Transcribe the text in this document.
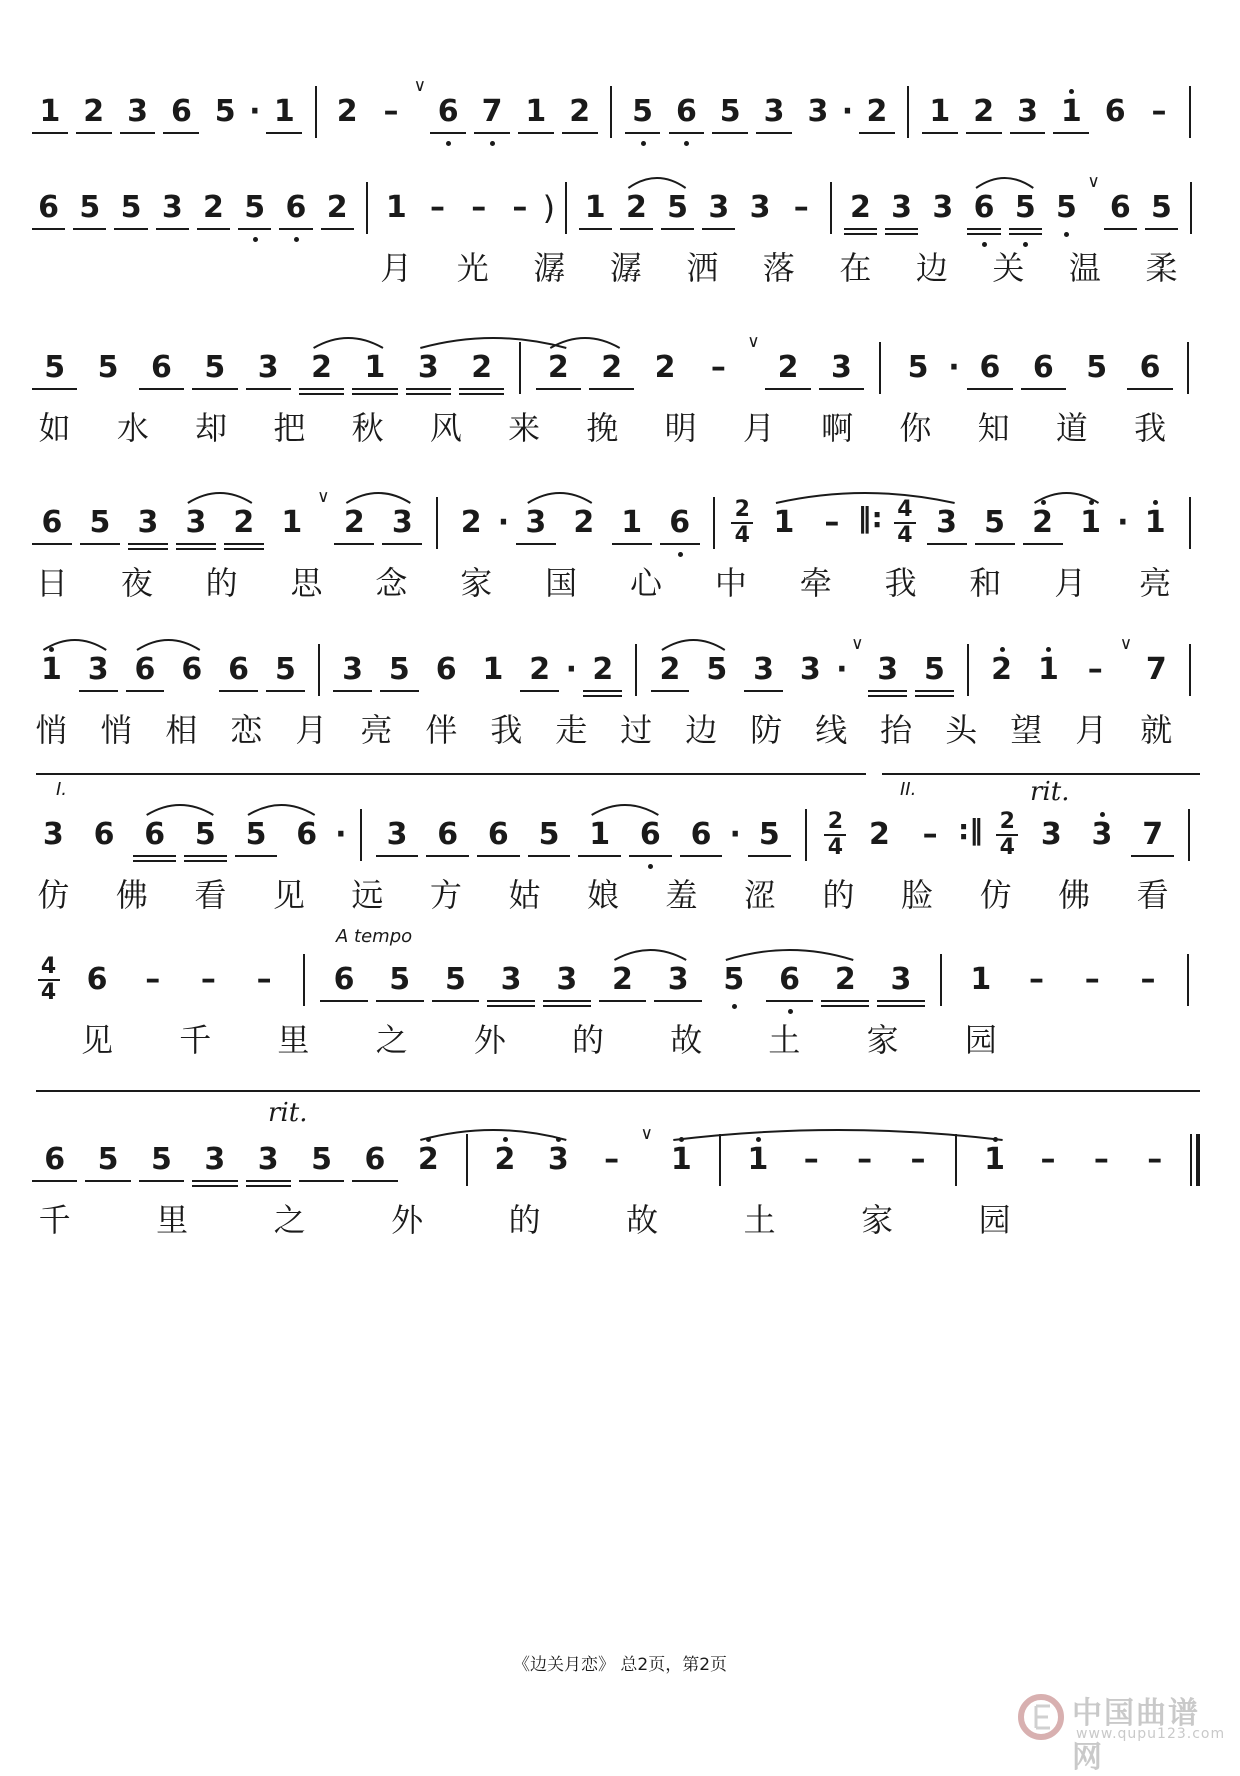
1 2 3 6 5 · 1 2 –
∨
6 7 1 2 5 6 5 3 3 · 2 1 2 3 1 6 –
6 5 5 3 2 5 6 2 1 – – – ) 1 2 5 3 3 – 2 3 3 6 5 5
∨
6 5
月 光 潺 潺 洒 落 在 边 关 温 柔
5 5 6 5 3 2 1 3 2 2 2 2 –
∨
2 3 5 · 6 6 5 6
如 水 却 把 秋 风 来 挽 明 月 啊 你 知 道 我
6 5 3 3 2 1
∨
2 3 2 · 3 2 1 6 2
4 1 – ‖: 4
4 3 5 2 1 · 1
日 夜 的 思 念 家 国 心 中 牵 我 和 月 亮
1 3 6 6 6 5 3 5 6 1 2 · 2 2 5 3 3 ·
∨
3 5 2 1 –
∨
7
悄 悄 相 恋 月 亮 伴 我 走 过 边 防 线 抬 头 望 月 就
3 6 6 5 5 6 ·	3 6 6 5 1 6 6 · 5 2
4 2 – :‖ 2
4 3 3 7
仿 佛 看 见 远 方 姑 娘 羞 涩 的 脸 仿 佛 看
I.	II.	rit.
4
4 6 – – – 6 5 5 3 3 2 3 5 6 2 3 1 – – –
见 千 里 之 外 的 故 土 家 园
A tempo
6 5 5 3 3 5 6 2 2 3 –
∨
1 1 – – – 1 – – –
千	里	之	外	的	故	土	家	园
rit.
《边关月恋》 总2页，第2页
中国曲谱网
www.qupu123.com
